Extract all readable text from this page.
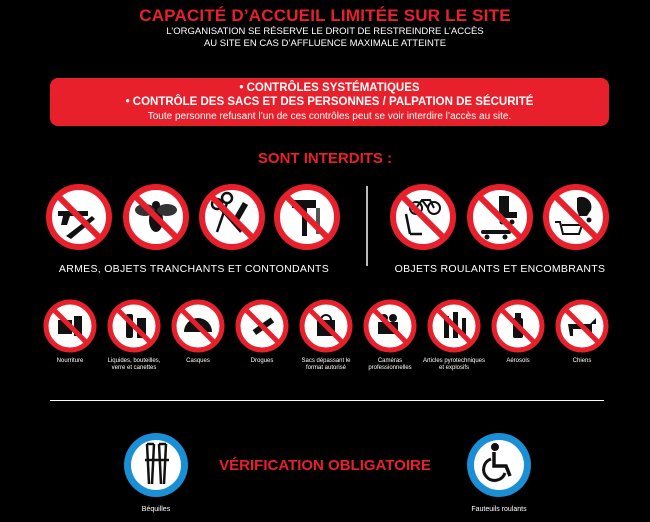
CAPACITÉ D’ACCUEIL LIMITÉE SUR LE SITE
L’ORGANISATION SE RÉSERVE LE DROIT DE RESTREINDRE L’ACCÈS
AU SITE EN CAS D’AFFLUENCE MAXIMALE ATTEINTE
• CONTRÔLES SYSTÉMATIQUES
• CONTRÔLE DES SACS ET DES PERSONNES / PALPATION DE SÉCURITÉ
Toute personne refusant l’un de ces contrôles peut se voir interdire l’accès au site.
SONT INTERDITS :
ARMES, OBJETS TRANCHANTS ET CONTONDANTS	OBJETS ROULANTS ET ENCOMBRANTS
Nourriture	Liquides, bouteilles, verre et canettes
Casques	Drogues	Sacs dépassant le format autorisé
Caméras professionnelles
Articles pyrotechniques et explosifs
Aérosols	Chiens
Béquilles
VÉRIFICATION OBLIGATOIRE
Fauteuils roulants
